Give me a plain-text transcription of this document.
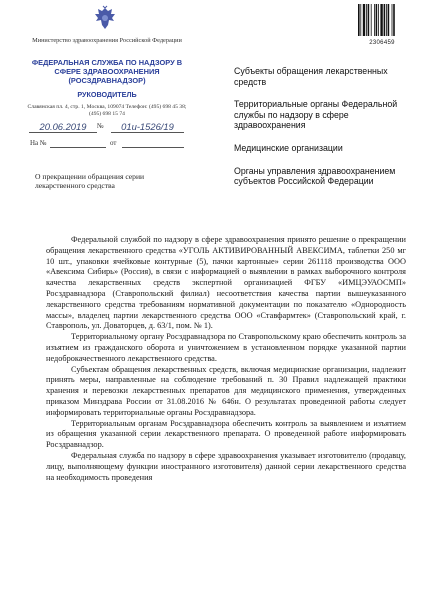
Министерство здравоохранения Российской Федерации
ФЕДЕРАЛЬНАЯ СЛУЖБА ПО НАДЗОРУ В СФЕРЕ ЗДРАВООХРАНЕНИЯ (РОСЗДРАВНАДЗОР)
РУКОВОДИТЕЛЬ
Славянская пл. 4, стр. 1, Москва, 109074 Телефон: (495) 698 45 38; (495) 698 15 74
20.06.2019	№	01и-1526/19
На №	от
2306459
Субъекты обращения лекарственных средств
Территориальные органы Федеральной службы по надзору в сфере здравоохранения
Медицинские организации
Органы управления здравоохранением субъектов Российской Федерации
О прекращении обращения серии лекарственного средства

Федеральной службой по надзору в сфере здравоохранения принято решение о прекращении обращения лекарственного средства «УГОЛЬ АКТИВИРОВАННЫЙ АВЕКСИМА, таблетки 250 мг 10 шт., упаковки ячейковые контурные (5), пачки картонные» серии 261118 производства ООО «Авексима Сибирь» (Россия), в связи с информацией о выявлении в рамках выборочного контроля качества лекарственных средств экспертной организацией ФГБУ «ИМЦЭУАОСМП» Росздравнадзора (Ставропольский филиал) несоответствия качества партии вышеуказанного лекарственного средства требованиям нормативной документации по показателю «Однородность массы», владелец партии лекарственного средства ООО «Ставфармтек» (Ставропольский край, г. Ставрополь, ул. Доваторцев, д. 63/1, пом. № 1).

Территориальному органу Росздравнадзора по Ставропольскому краю обеспечить контроль за изъятием из гражданского оборота и уничтожением в установленном порядке указанной партии недоброкачественного лекарственного средства.

Субъектам обращения лекарственных средств, включая медицинские организации, надлежит принять меры, направленные на соблюдение требований п. 30 Правил надлежащей практики хранения и перевозки лекарственных препаратов для медицинского применения, утвержденных приказом Минздрава России от 31.08.2016 № 646н. О результатах проведенной работы следует информировать территориальные органы Росздравнадзора.

Территориальным органам Росздравнадзора обеспечить контроль за выявлением и изъятием из обращения указанной серии лекарственного препарата. О проведенной работе информировать Росздравнадзор.

Федеральная служба по надзору в сфере здравоохранения указывает изготовителю (продавцу, лицу, выполняющему функции иностранного изготовителя) данной серии лекарственного средства на необходимость проведения
